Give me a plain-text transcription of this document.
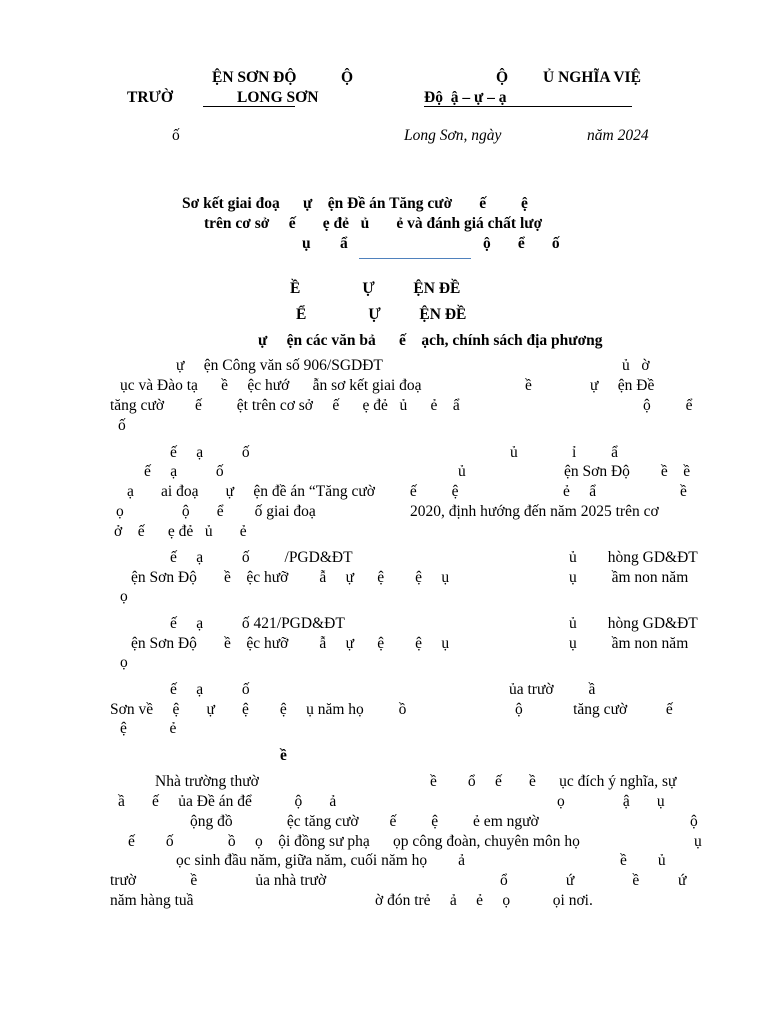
ỆN SƠN ĐỘ	Ộ	Ộ Ủ NGHĨA VIỆ
TRƯỜ	LONG SƠN	Độ  ậ – ự – ạ
ố	Long Sơn, ngày	năm 2024
Sơ kết giai đoạ      ự    ện Đề án Tăng cườ       ế         ệ
trên cơ sở     ế       ẹ đẻ   ủ       ẻ và đánh giá chất lượ
ụ ẩ	ộ       ể       ố
Ề                Ự          ỆN ĐỀ
Ể                Ự          ỆN ĐỀ
ự     ện các văn bả      ế    ạch, chính sách địa phương
ự     ện Công văn số 906/SGDĐT	ủ   ờ
ục và Đào tạ      ề     ệc hướ      ẫn sơ kết giai đoạ	ề               ự     ện Đề
tăng cườ        ế         ệt trên cơ sở     ế      ẹ đẻ   ủ      ẻ    ẩ	ộ         ể
ố
ế     ạ          ố	ủ              ỉ         ẩ
ế     ạ          ố	ủ	ện Sơn Độ        ề    ề
ạ       ai đoạ       ự     ện đề án “Tăng cườ         ế         ệ	ẻ     ẩ	ề
ọ               ộ       ể        ố giai đoạ	2020, định hướng đến năm 2025 trên cơ
ở    ế      ẹ đẻ   ủ       ẻ
ế     ạ          ố         /PGD&ĐT	ủ        hòng GD&ĐT
ện Sơn Độ       ề    ệc hưỡ        ẫ     ự      ệ        ệ     ụ	ụ         ầm non năm
ọ
ế     ạ          ố 421/PGD&ĐT	ủ        hòng GD&ĐT
ện Sơn Độ       ề    ệc hưỡ        ẫ     ự      ệ        ệ     ụ	ụ         ầm non năm
ọ
ế     ạ          ố	ủa trườ         ầ
Sơn về     ệ       ự       ệ        ệ     ụ năm họ         ồ	ộ             tăng cườ          ế
ệ           ẻ
ề
Nhà trường thườ	ề        ổ     ế       ề      ục đích ý nghĩa, sự
ầ       ế     ủa Đề án để           ộ       ả	ọ               ậ       ụ
ộng đồ              ệc tăng cườ        ế         ệ         ẻ em ngườ	ộ
ế        ố              ồ     ọ    ội đồng sư phạ      ọp công đoàn, chuyên môn họ	ụ
ọc sinh đầu năm, giữa năm, cuối năm họ        ả	ề        ủ
trườ              ề               ủa nhà trườ	ổ               ứ               ề          ứ
năm hàng tuầ	ờ đón trẻ     ả     ẻ     ọ           ọi nơi.
